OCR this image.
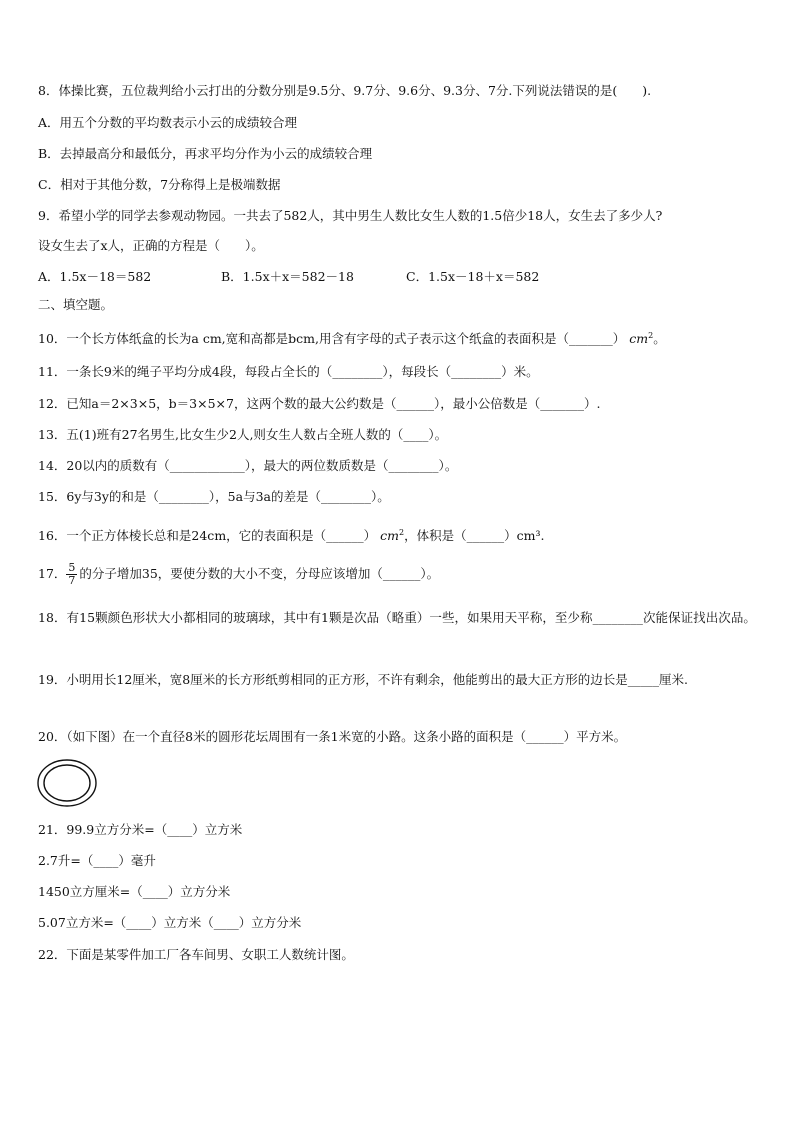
8．体操比赛，五位裁判给小云打出的分数分别是9.5分、9.7分、9.6分、9.3分、7分.下列说法错误的是(　　).
A．用五个分数的平均数表示小云的成绩较合理
B．去掉最高分和最低分，再求平均分作为小云的成绩较合理
C．相对于其他分数，7分称得上是极端数据
9．希望小学的同学去参观动物园。一共去了582人，其中男生人数比女生人数的1.5倍少18人，女生去了多少人?
设女生去了x人，正确的方程是（　　）。
A．1.5x－18＝582	B．1.5x＋x＝582－18	C．1.5x－18＋x＝582
二、填空题。
10．一个长方体纸盒的长为a cm,宽和高都是bcm,用含有字母的式子表示这个纸盒的表面积是（_______） $cm^2$。
11．一条长9米的绳子平均分成4段，每段占全长的（________），每段长（________）米。
12．已知a＝2×3×5，b＝3×5×7，这两个数的最大公约数是（______），最小公倍数是（_______）.
13．五(1)班有27名男生,比女生少2人,则女生人数占全班人数的（____）。
14．20以内的质数有（____________），最大的两位数质数是（________）。
15．6y与3y的和是（________），5a与3a的差是（________）。
16．一个正方体棱长总和是24cm，它的表面积是（______） $cm^2$，体积是（______）cm³.
17． $\frac{5}{7}$ 的分子增加35，要使分数的大小不变，分母应该增加（______）。
18．有15颗颜色形状大小都相同的玻璃球，其中有1颗是次品（略重）一些，如果用天平称，至少称________次能保证找出次品。
19．小明用长12厘米，宽8厘米的长方形纸剪相同的正方形，不许有剩余，他能剪出的最大正方形的边长是_____厘米.
20．（如下图）在一个直径8米的圆形花坛周围有一条1米宽的小路。这条小路的面积是（______）平方米。
21．99.9立方分米=（____）立方米
2.7升=（____）毫升
1450立方厘米=（____）立方分米
5.07立方米=（____）立方米（____）立方分米
22．下面是某零件加工厂各车间男、女职工人数统计图。
